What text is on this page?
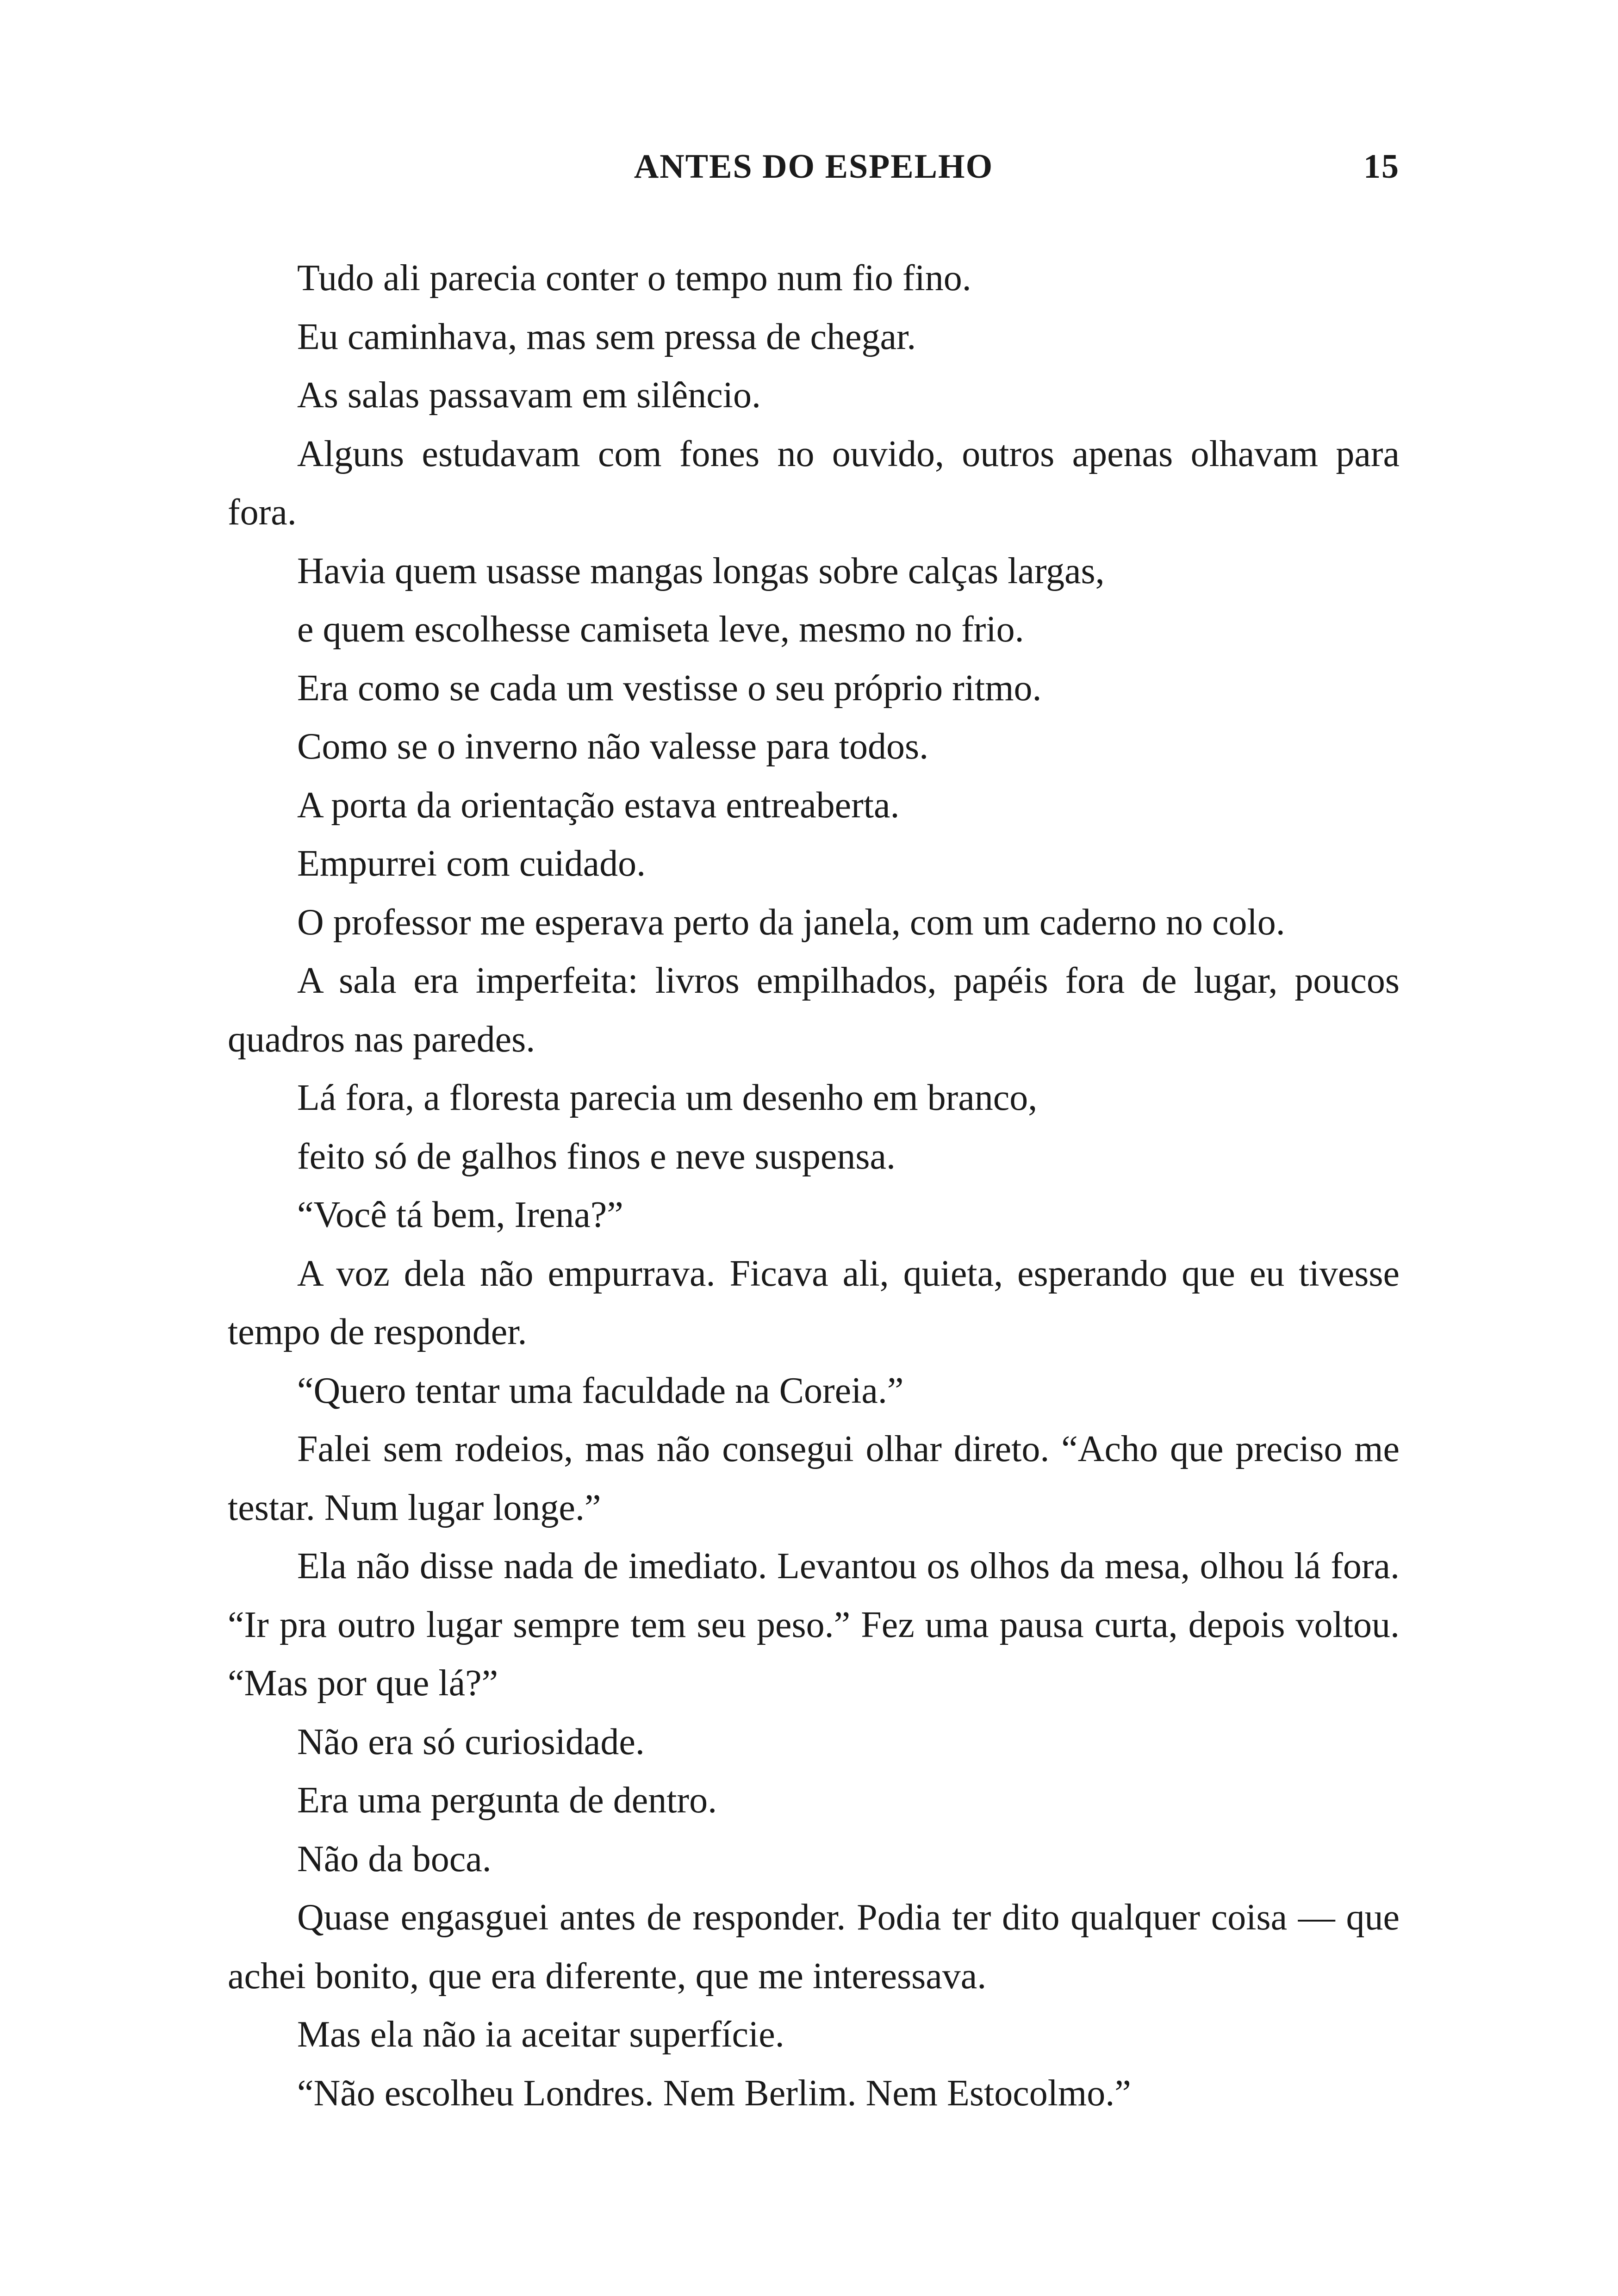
ANTES DO ESPELHO	15

Tudo ali parecia conter o tempo num fio fino.

Eu caminhava, mas sem pressa de chegar.

As salas passavam em silêncio.

Alguns estudavam com fones no ouvido, outros apenas olhavam para fora.

Havia quem usasse mangas longas sobre calças largas,

e quem escolhesse camiseta leve, mesmo no frio.

Era como se cada um vestisse o seu próprio ritmo.

Como se o inverno não valesse para todos.

A porta da orientação estava entreaberta.

Empurrei com cuidado.

O professor me esperava perto da janela, com um caderno no colo.

A sala era imperfeita: livros empilhados, papéis fora de lugar, poucos quadros nas paredes.

Lá fora, a floresta parecia um desenho em branco,

feito só de galhos finos e neve suspensa.

“Você tá bem, Irena?”

A voz dela não empurrava. Ficava ali, quieta, esperando que eu tivesse tempo de responder.

“Quero tentar uma faculdade na Coreia.”

Falei sem rodeios, mas não consegui olhar direto. “Acho que preciso me testar. Num lugar longe.”

Ela não disse nada de imediato. Levantou os olhos da mesa, olhou lá fora. “Ir pra outro lugar sempre tem seu peso.” Fez uma pausa curta, depois voltou. “Mas por que lá?”

Não era só curiosidade.

Era uma pergunta de dentro.

Não da boca.

Quase engasguei antes de responder. Podia ter dito qualquer coisa — que achei bonito, que era diferente, que me interessava.

Mas ela não ia aceitar superfície.

“Não escolheu Londres. Nem Berlim. Nem Estocolmo.”
